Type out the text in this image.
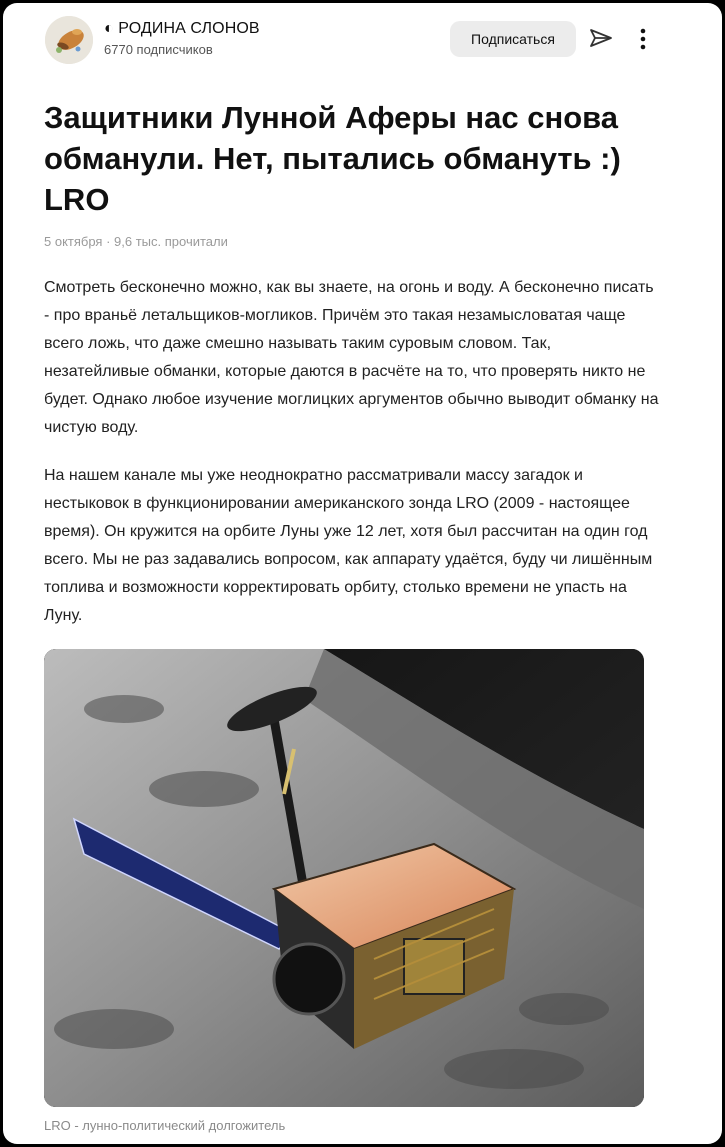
◐ РОДИНА СЛОНОВ
6770 подписчиков
Подписаться
Защитники Лунной Аферы нас снова обманули. Нет, пытались обмануть :) LRO
5 октября · 9,6 тыс. прочитали

Смотреть бесконечно можно, как вы знаете, на огонь и воду. А бесконечно писать - про враньё летальщиков-могликов. Причём это такая незамысловатая чаще всего ложь, что даже смешно называть таким суровым словом. Так, незатейливые обманки, которые даются в расчёте на то, что проверять никто не будет. Однако любое изучение моглицких аргументов обычно выводит обманку на чистую воду.

На нашем канале мы уже неоднократно рассматривали массу загадок и нестыковок в функционировании американского зонда LRO (2009 - настоящее время). Он кружится на орбите Луны уже 12 лет, хотя был рассчитан на один год всего. Мы не раз задавались вопросом, как аппарату удаётся, буду чи лишённым топлива и возможности корректировать орбиту, столько времени не упасть на Луну.

LRO - лунно-политический долгожитель
